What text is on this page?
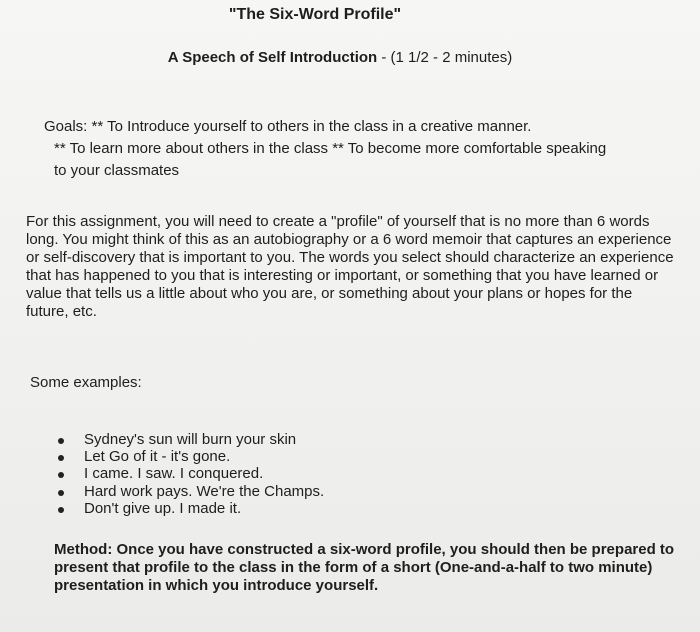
"The Six-Word Profile"
A Speech of Self Introduction - (1 1/2 - 2 minutes)
Goals: ** To Introduce yourself to others in the class in a creative manner.
** To learn more about others in the class ** To become more comfortable speaking
to your classmates
For this assignment, you will need to create a "profile" of yourself that is no more than 6 words long. You might think of this as an autobiography or a 6 word memoir that captures an experience or self-discovery that is important to you. The words you select should characterize an experience that has happened to you that is interesting or important, or something that you have learned or value that tells us a little about who you are, or something about your plans or hopes for the future, etc.
Some examples:
Sydney's sun will burn your skin
Let Go of it - it's gone.
I came. I saw. I conquered.
Hard work pays. We're the Champs.
Don't give up. I made it.
Method: Once you have constructed a six-word profile, you should then be prepared to present that profile to the class in the form of a short (One-and-a-half to two minute) presentation in which you introduce yourself.
